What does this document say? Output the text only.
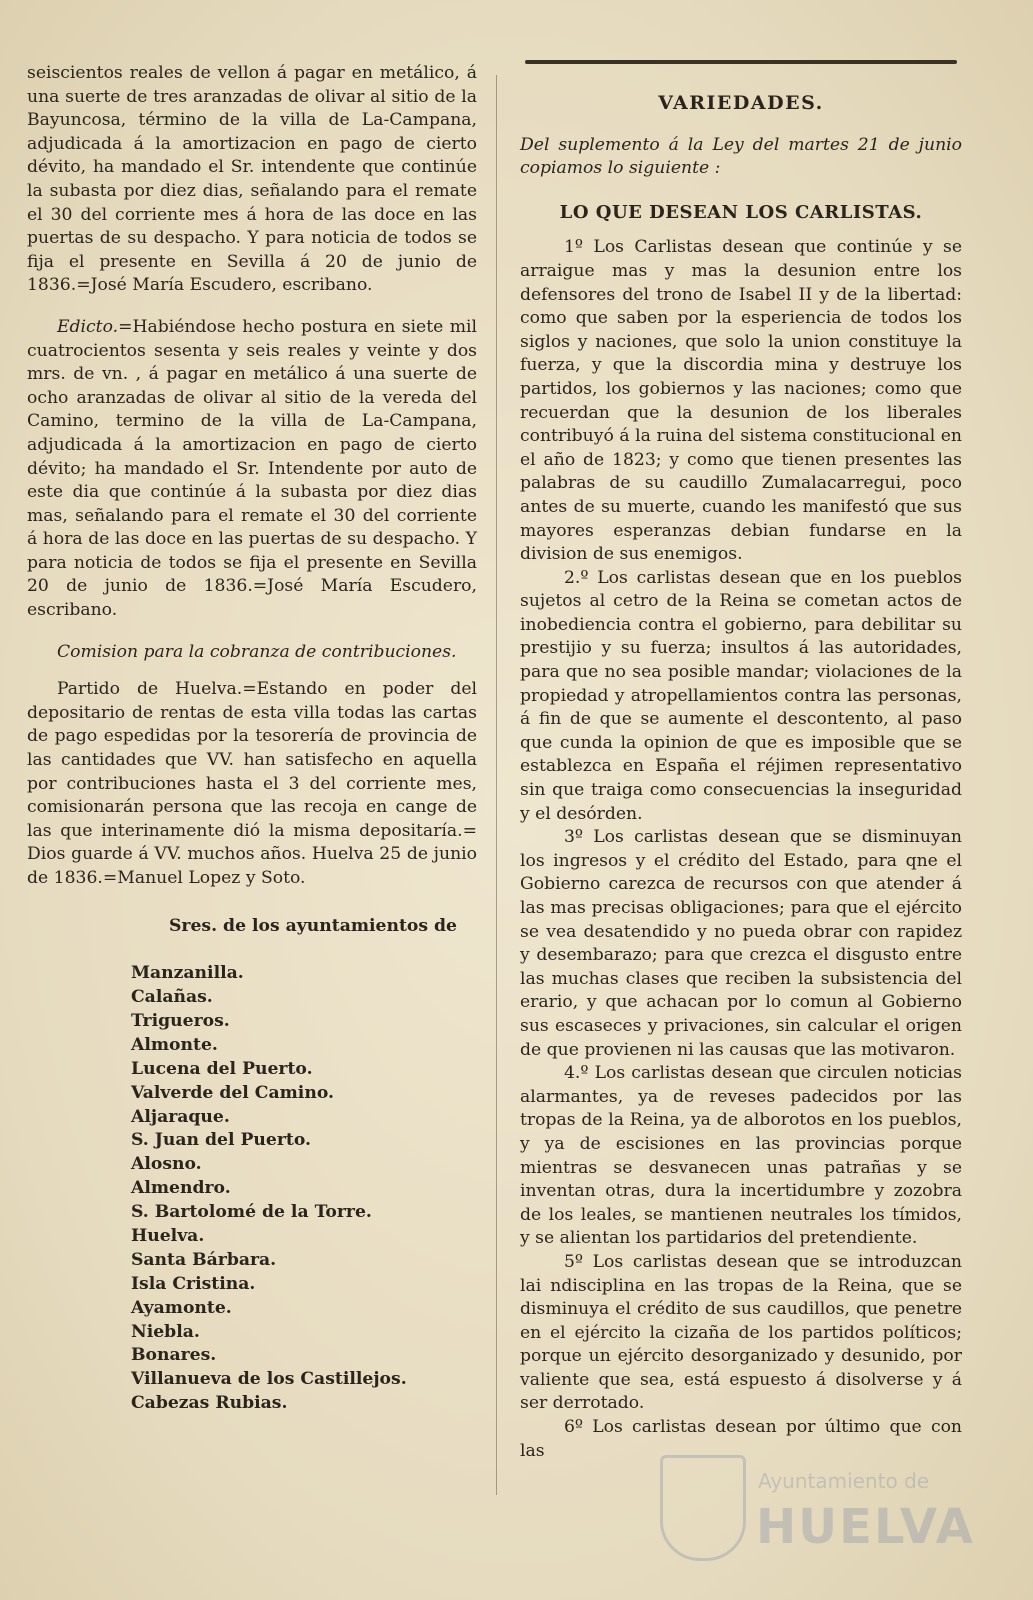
seiscientos reales de vellon á pagar en metálico, á una suerte de tres aranzadas de olivar al sitio de la Bayuncosa, término de la villa de La-Campana, adjudicada á la amortizacion en pago de cierto dévito, ha mandado el Sr. intendente que continúe la subasta por diez dias, señalando para el remate el 30 del corriente mes á hora de las doce en las puertas de su despacho. Y para noticia de todos se fija el presente en Sevilla á 20 de junio de 1836.=José María Escudero, escribano.

Edicto.=Habiéndose hecho postura en siete mil cuatrocientos sesenta y seis reales y veinte y dos mrs. de vn. , á pagar en metálico á una suerte de ocho aranzadas de olivar al sitio de la vereda del Camino, termino de la villa de La-Campana, adjudicada á la amortizacion en pago de cierto dévito; ha mandado el Sr. Intendente por auto de este dia que continúe á la subasta por diez dias mas, señalando para el remate el 30 del corriente á hora de las doce en las puertas de su despacho. Y para noticia de todos se fija el presente en Sevilla 20 de junio de 1836.=José María Escudero, escribano.

Comision para la cobranza de contribuciones.

Partido de Huelva.=Estando en poder del depositario de rentas de esta villa todas las cartas de pago espedidas por la tesorería de provincia de las cantidades que VV. han satisfecho en aquella por contribuciones hasta el 3 del corriente mes, comisionarán persona que las recoja en cange de las que interinamente dió la misma depositaría.= Dios guarde á VV. muchos años. Huelva 25 de junio de 1836.=Manuel Lopez y Soto.

Sres. de los ayuntamientos de

Manzanilla.
Calañas.
Trigueros.
Almonte.
Lucena del Puerto.
Valverde del Camino.
Aljaraque.
S. Juan del Puerto.
Alosno.
Almendro.
S. Bartolomé de la Torre.
Huelva.
Santa Bárbara.
Isla Cristina.
Ayamonte.
Niebla.
Bonares.
Villanueva de los Castillejos.
Cabezas Rubias.

VARIEDADES.

Del suplemento á la Ley del martes 21 de junio copiamos lo siguiente :

LO QUE DESEAN LOS CARLISTAS.

1º Los Carlistas desean que continúe y se arraigue mas y mas la desunion entre los defensores del trono de Isabel II y de la libertad: como que saben por la esperiencia de todos los siglos y naciones, que solo la union constituye la fuerza, y que la discordia mina y destruye los partidos, los gobiernos y las naciones; como que recuerdan que la desunion de los liberales contribuyó á la ruina del sistema constitucional en el año de 1823; y como que tienen presentes las palabras de su caudillo Zumalacarregui, poco antes de su muerte, cuando les manifestó que sus mayores esperanzas debian fundarse en la division de sus enemigos.

2.º Los carlistas desean que en los pueblos sujetos al cetro de la Reina se cometan actos de inobediencia contra el gobierno, para debilitar su prestijio y su fuerza; insultos á las autoridades, para que no sea posible mandar; violaciones de la propiedad y atropellamientos contra las personas, á fin de que se aumente el descontento, al paso que cunda la opinion de que es imposible que se establezca en España el réjimen representativo sin que traiga como consecuencias la inseguridad y el desórden.

3º Los carlistas desean que se disminuyan los ingresos y el crédito del Estado, para qne el Gobierno carezca de recursos con que atender á las mas precisas obligaciones; para que el ejército se vea desatendido y no pueda obrar con rapidez y desembarazo; para que crezca el disgusto entre las muchas clases que reciben la subsistencia del erario, y que achacan por lo comun al Gobierno sus escaseces y privaciones, sin calcular el origen de que provienen ni las causas que las motivaron.

4.º Los carlistas desean que circulen noticias alarmantes, ya de reveses padecidos por las tropas de la Reina, ya de alborotos en los pueblos, y ya de escisiones en las provincias porque mientras se desvanecen unas patrañas y se inventan otras, dura la incertidumbre y zozobra de los leales, se mantienen neutrales los tímidos, y se alientan los partidarios del pretendiente.

5º Los carlistas desean que se introduzcan lai ndisciplina en las tropas de la Reina, que se disminuya el crédito de sus caudillos, que penetre en el ejército la cizaña de los partidos políticos; porque un ejército desorganizado y desunido, por valiente que sea, está espuesto á disolverse y á ser derrotado.

6º Los carlistas desean por último que con las

Ayuntamiento de
HUELVA
